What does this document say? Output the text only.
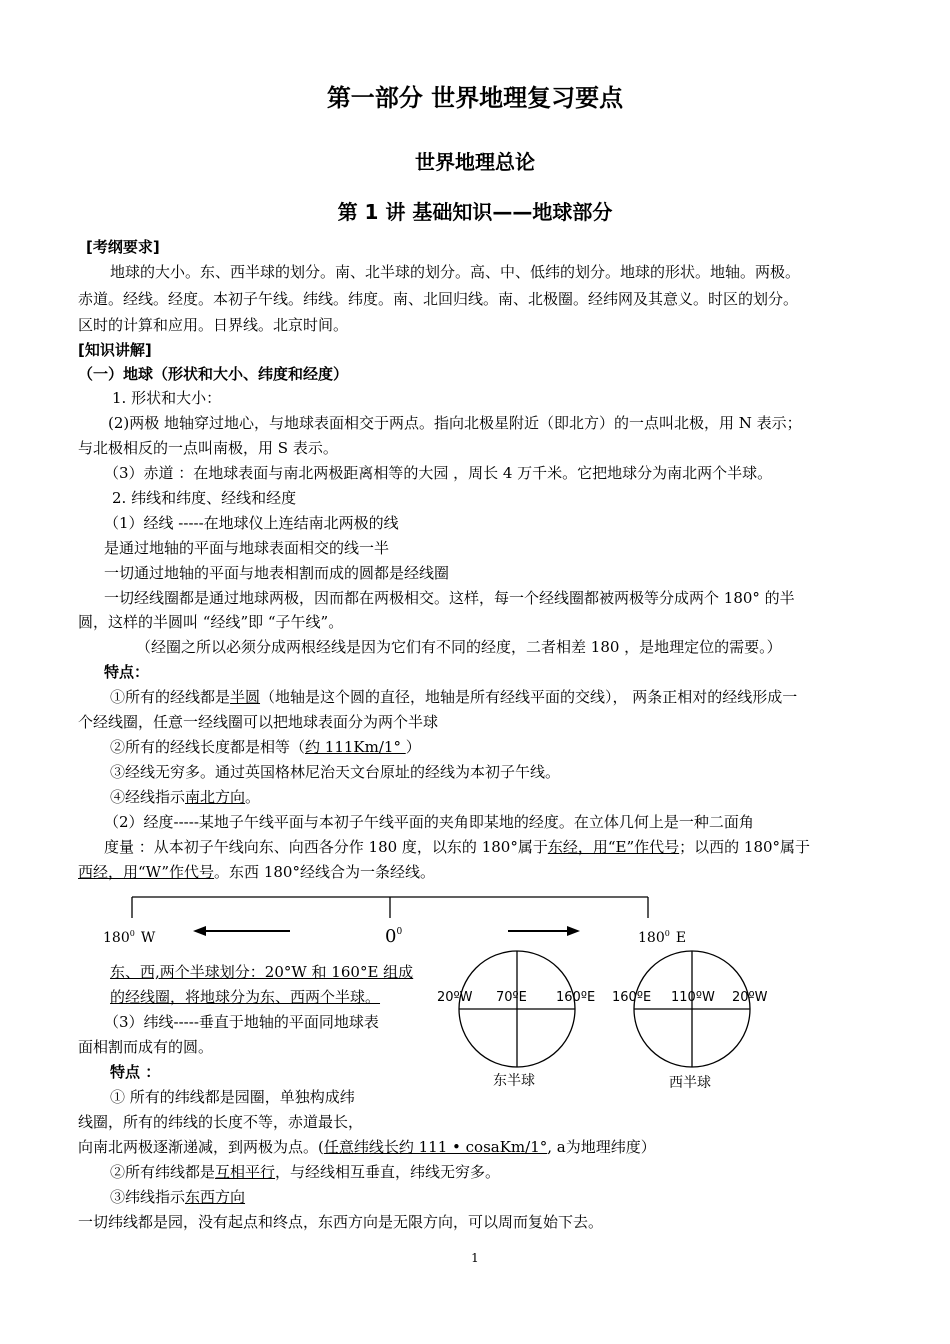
第一部分 世界地理复习要点
世界地理总论
第 1 讲 基础知识——地球部分
[考纲要求]
地球的大小。东、西半球的划分。南、北半球的划分。高、中、低纬的划分。地球的形状。地轴。两极。
赤道。经线。经度。本初子午线。纬线。纬度。南、北回归线。南、北极圈。经纬网及其意义。时区的划分。
区时的计算和应用。日界线。北京时间。
[知识讲解]
（一）地球（形状和大小、纬度和经度）
1. 形状和大小：
(2)两极 地轴穿过地心，与地球表面相交于两点。指向北极星附近（即北方）的一点叫北极，用 N 表示；
与北极相反的一点叫南极，用 S 表示。
（3）赤道 ：在地球表面与南北两极距离相等的大园 ，周长 4 万千米。它把地球分为南北两个半球。
2. 纬线和纬度、经线和经度
（1）经线 -----在地球仪上连结南北两极的线
是通过地轴的平面与地球表面相交的线一半
一切通过地轴的平面与地表相割而成的圆都是经线圈
一切经线圈都是通过地球两极，因而都在两极相交。这样，每一个经线圈都被两极等分成两个 180° 的半
圆，这样的半圆叫 “经线”即 “子午线”。
（经圈之所以必须分成两根经线是因为它们有不同的经度，二者相差 180 ，是地理定位的需要。）
特点：
①所有的经线都是半圆（地轴是这个圆的直径，地轴是所有经线平面的交线）， 两条正相对的经线形成一
个经线圈，任意一经线圈可以把地球表面分为两个半球
②所有的经线长度都是相等（约 111Km/1° ）
③经线无穷多。通过英国格林尼治天文台原址的经线为本初子午线。
④经线指示南北方向。
（2）经度-----某地子午线平面与本初子午线平面的夹角即某地的经度。在立体几何上是一种二面角
度量 ：从本初子午线向东、向西各分作 180 度，以东的 180°属于东经，用“E”作代号；以西的 180°属于
西经，用“W”作代号。东西 180°经线合为一条经线。
$180^0$ W	$0^0$	$180^0$ E
20ºW 70ºE 160ºE
东半球
160ºE 110ºW 20ºW
西半球
东、西,两个半球划分：20°W 和 160°E 组成
的经线圈，将地球分为东、西两个半球。
（3）纬线-----垂直于地轴的平面同地球表
面相割而成有的圆。
特点 ：
① 所有的纬线都是园圈，单独构成纬
线圈，所有的纬线的长度不等，赤道最长，
向南北两极逐渐递减，到两极为点。(任意纬线长约 111 • cosaKm/1°, a为地理纬度）
②所有纬线都是互相平行，与经线相互垂直，纬线无穷多。
③纬线指示东西方向
一切纬线都是园，没有起点和终点，东西方向是无限方向，可以周而复始下去。
1
